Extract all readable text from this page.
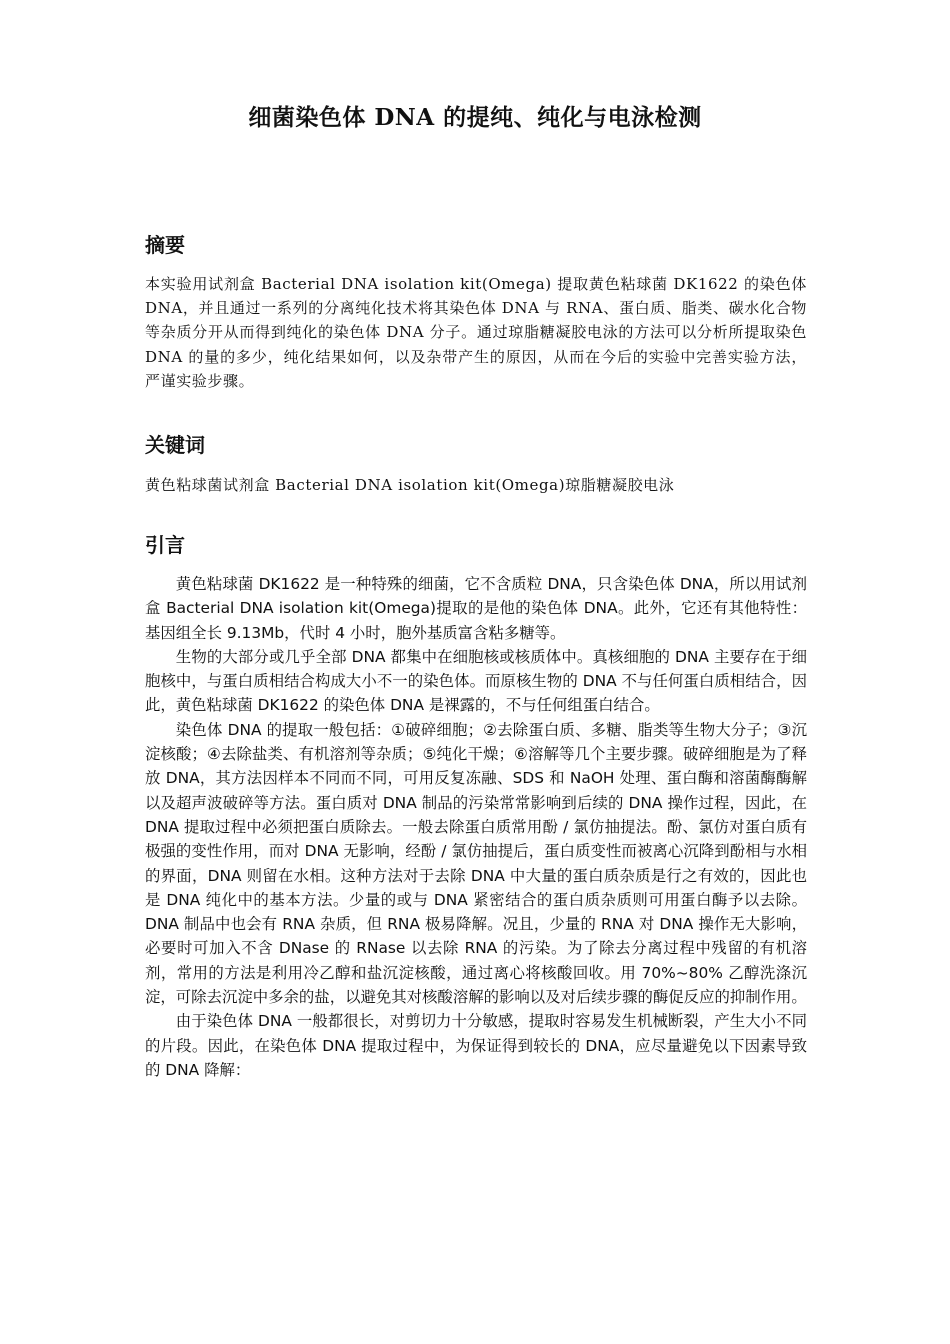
细菌染色体 DNA 的提纯、纯化与电泳检测
摘要
本实验用试剂盒 Bacterial DNA isolation kit(Omega) 提取黄色粘球菌 DK1622 的染色体 DNA，并且通过一系列的分离纯化技术将其染色体 DNA 与 RNA、蛋白质、脂类、碳水化合物等杂质分开从而得到纯化的染色体 DNA 分子。通过琼脂糖凝胶电泳的方法可以分析所提取染色 DNA 的量的多少，纯化结果如何，以及杂带产生的原因，从而在今后的实验中完善实验方法，严谨实验步骤。
关键词
黄色粘球菌试剂盒 Bacterial DNA isolation kit(Omega)琼脂糖凝胶电泳
引言

黄色粘球菌 DK1622 是一种特殊的细菌，它不含质粒 DNA，只含染色体 DNA，所以用试剂盒 Bacterial DNA isolation kit(Omega)提取的是他的染色体 DNA。此外，它还有其他特性：基因组全长 9.13Mb，代时 4 小时，胞外基质富含粘多糖等。

生物的大部分或几乎全部 DNA 都集中在细胞核或核质体中。真核细胞的 DNA 主要存在于细胞核中，与蛋白质相结合构成大小不一的染色体。而原核生物的 DNA 不与任何蛋白质相结合，因此，黄色粘球菌 DK1622 的染色体 DNA 是裸露的，不与任何组蛋白结合。

染色体 DNA 的提取一般包括：①破碎细胞；②去除蛋白质、多糖、脂类等生物大分子；③沉淀核酸；④去除盐类、有机溶剂等杂质；⑤纯化干燥；⑥溶解等几个主要步骤。破碎细胞是为了释放 DNA，其方法因样本不同而不同，可用反复冻融、SDS 和 NaOH 处理、蛋白酶和溶菌酶酶解以及超声波破碎等方法。蛋白质对 DNA 制品的污染常常影响到后续的 DNA 操作过程，因此，在 DNA 提取过程中必须把蛋白质除去。一般去除蛋白质常用酚 / 氯仿抽提法。酚、氯仿对蛋白质有极强的变性作用，而对 DNA 无影响，经酚 / 氯仿抽提后，蛋白质变性而被离心沉降到酚相与水相的界面，DNA 则留在水相。这种方法对于去除 DNA 中大量的蛋白质杂质是行之有效的，因此也是 DNA 纯化中的基本方法。少量的或与 DNA 紧密结合的蛋白质杂质则可用蛋白酶予以去除。DNA 制品中也会有 RNA 杂质，但 RNA 极易降解。况且，少量的 RNA 对 DNA 操作无大影响，必要时可加入不含 DNase 的 RNase 以去除 RNA 的污染。为了除去分离过程中残留的有机溶剂，常用的方法是利用冷乙醇和盐沉淀核酸，通过离心将核酸回收。用 70%~80% 乙醇洗涤沉淀，可除去沉淀中多余的盐，以避免其对核酸溶解的影响以及对后续步骤的酶促反应的抑制作用。

由于染色体 DNA 一般都很长，对剪切力十分敏感，提取时容易发生机械断裂，产生大小不同的片段。因此，在染色体 DNA 提取过程中，为保证得到较长的 DNA，应尽量避免以下因素导致的 DNA 降解：
